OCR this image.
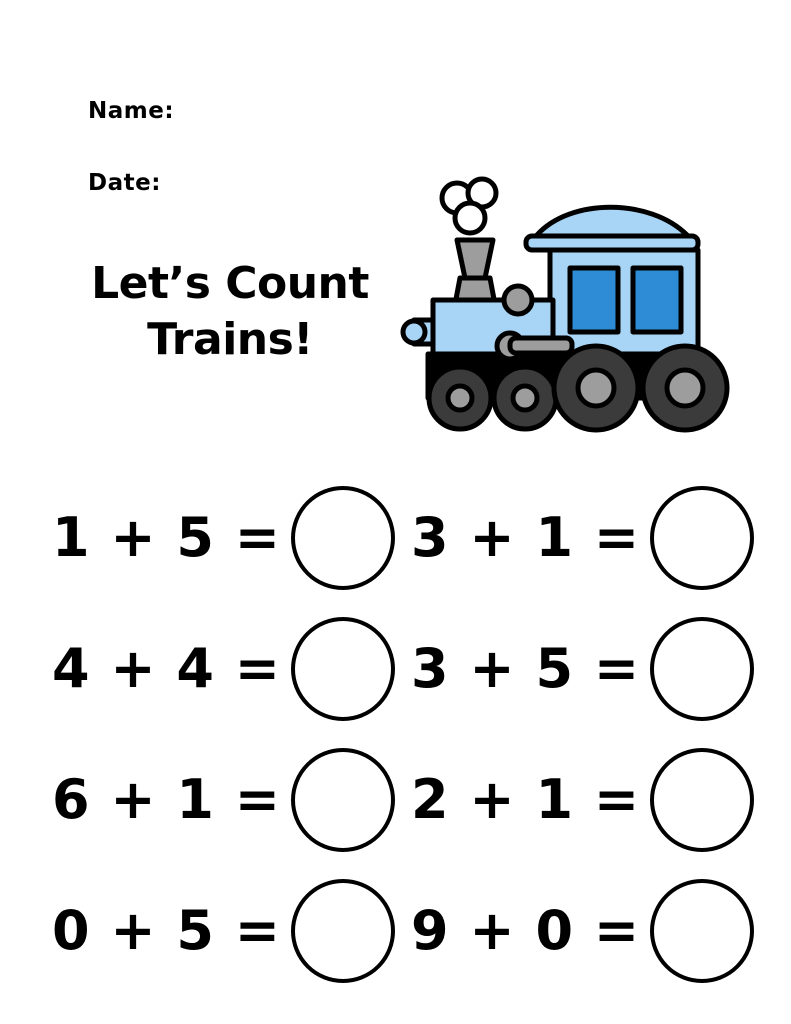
Name:
Date:
Let’s Count
Trains!
1 + 5 = 3 + 1 =
4 + 4 = 3 + 5 =
6 + 1 = 2 + 1 =
0 + 5 = 9 + 0 =
